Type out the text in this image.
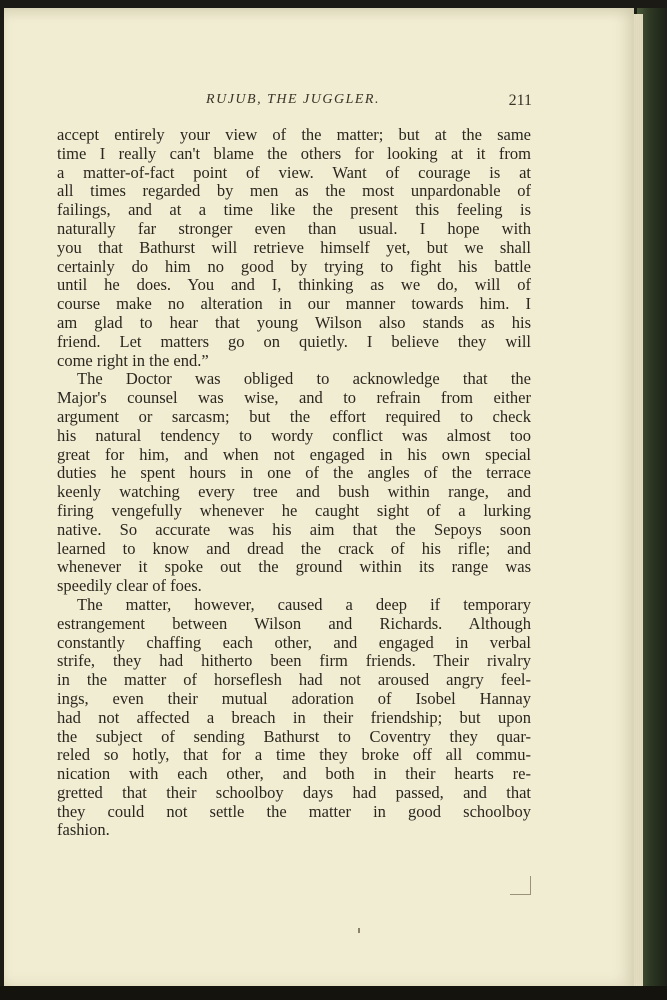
RUJUB, THE JUGGLER.	211
accept entirely your view of the matter; but at the same
time I really can't blame the others for looking at it from
a matter-of-fact point of view. Want of courage is at
all times regarded by men as the most unpardonable of
failings, and at a time like the present this feeling is
naturally far stronger even than usual. I hope with
you that Bathurst will retrieve himself yet, but we shall
certainly do him no good by trying to fight his battle
until he does. You and I, thinking as we do, will of
course make no alteration in our manner towards him. I
am glad to hear that young Wilson also stands as his
friend. Let matters go on quietly. I believe they will
come right in the end.”
The Doctor was obliged to acknowledge that the
Major's counsel was wise, and to refrain from either
argument or sarcasm; but the effort required to check
his natural tendency to wordy conflict was almost too
great for him, and when not engaged in his own special
duties he spent hours in one of the angles of the terrace
keenly watching every tree and bush within range, and
firing vengefully whenever he caught sight of a lurking
native. So accurate was his aim that the Sepoys soon
learned to know and dread the crack of his rifle; and
whenever it spoke out the ground within its range was
speedily clear of foes.
The matter, however, caused a deep if temporary
estrangement between Wilson and Richards. Although
constantly chaffing each other, and engaged in verbal
strife, they had hitherto been firm friends. Their rivalry
in the matter of horseflesh had not aroused angry feel-
ings, even their mutual adoration of Isobel Hannay
had not affected a breach in their friendship; but upon
the subject of sending Bathurst to Coventry they quar-
reled so hotly, that for a time they broke off all commu-
nication with each other, and both in their hearts re-
gretted that their schoolboy days had passed, and that
they could not settle the matter in good schoolboy
fashion.
